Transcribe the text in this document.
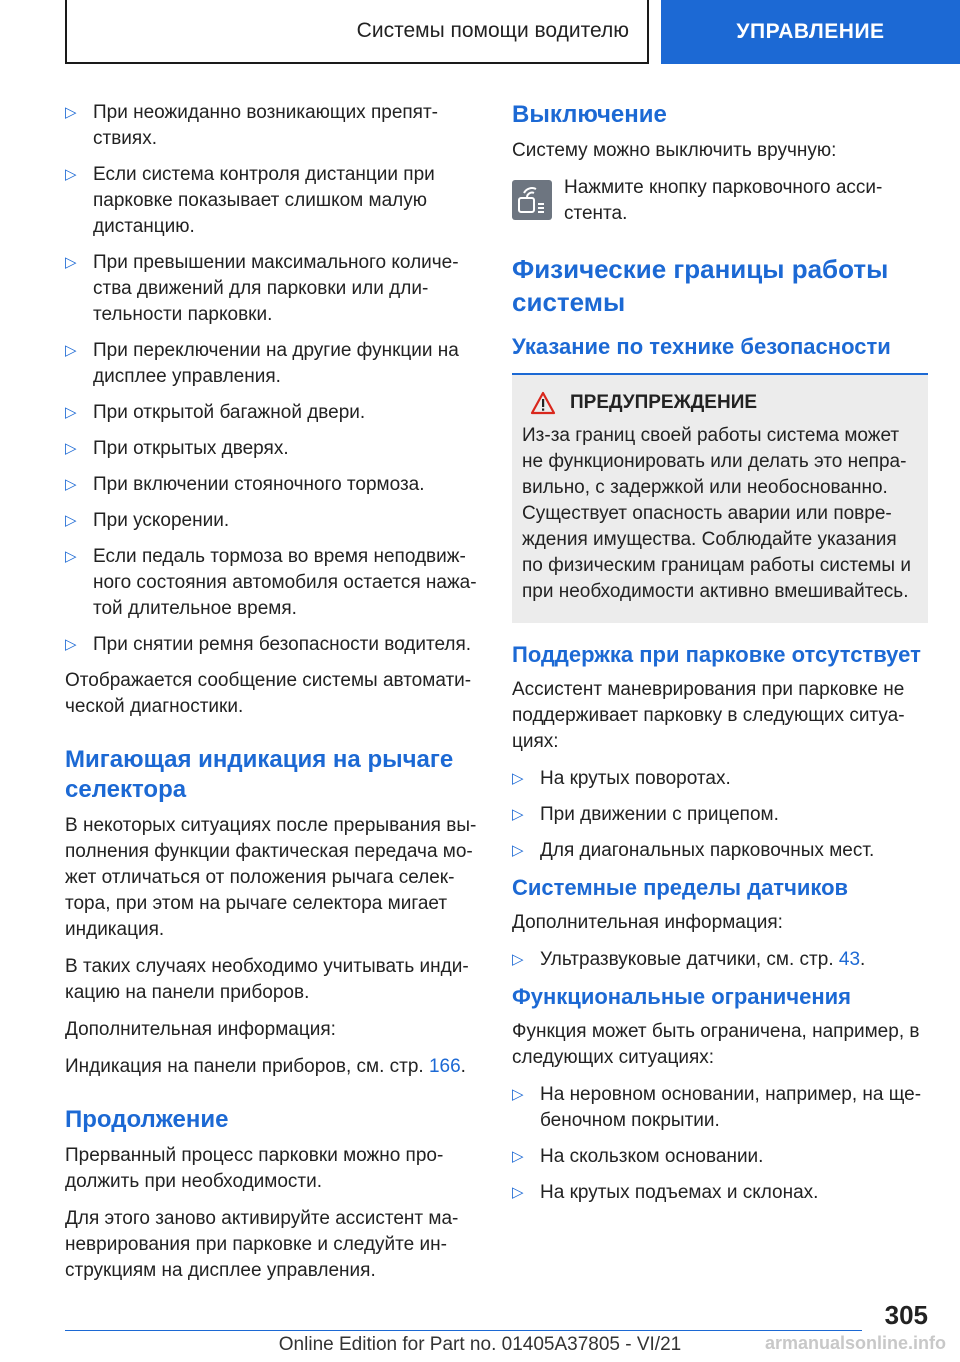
Системы помощи водителю	УПРАВЛЕНИЕ
▷ При неожиданно возникающих препятствиях.
▷ Если система контроля дистанции при парковке показывает слишком малую дистанцию.
▷ При превышении максимального количества движений для парковки или длительности парковки.
▷ При переключении на другие функции на дисплее управления.
▷ При открытой багажной двери.
▷ При открытых дверях.
▷ При включении стояночного тормоза.
▷ При ускорении.
▷ Если педаль тормоза во время неподвижного состояния автомобиля остается нажатой длительное время.
▷ При снятии ремня безопасности водителя.

Отображается сообщение системы автоматической диагностики.

Мигающая индикация на рычаге селектора

В некоторых ситуациях после прерывания выполнения функции фактическая передача может отличаться от положения рычага селектора, при этом на рычаге селектора мигает индикация.

В таких случаях необходимо учитывать индикацию на панели приборов.

Дополнительная информация:

Индикация на панели приборов, см. стр. 166.

Продолжение

Прерванный процесс парковки можно продолжить при необходимости.

Для этого заново активируйте ассистент маневрирования при парковке и следуйте инструкциям на дисплее управления.

Выключение

Систему можно выключить вручную:

Нажмите кнопку парковочного ассистента.
Физические границы работы системы
Указание по технике безопасности
ПРЕДУПРЕЖДЕНИЕ

Из-за границ своей работы система может не функционировать или делать это неправильно, с задержкой или необоснованно. Существует опасность аварии или повреждения имущества. Соблюдайте указания по физическим границам работы системы и при необходимости активно вмешивайтесь.

Поддержка при парковке отсутствует

Ассистент маневрирования при парковке не поддерживает парковку в следующих ситуациях:

▷ На крутых поворотах.
▷ При движении с прицепом.
▷ Для диагональных парковочных мест.
Системные пределы датчиков

Дополнительная информация:

▷ Ультразвуковые датчики, см. стр. 43.
Функциональные ограничения

Функция может быть ограничена, например, в следующих ситуациях:

▷ На неровном основании, например, на щебеночном покрытии.
▷ На скользком основании.
▷ На крутых подъемах и склонах.
305
Online Edition for Part no. 01405A37805 - VI/21	armanualsonline.info
